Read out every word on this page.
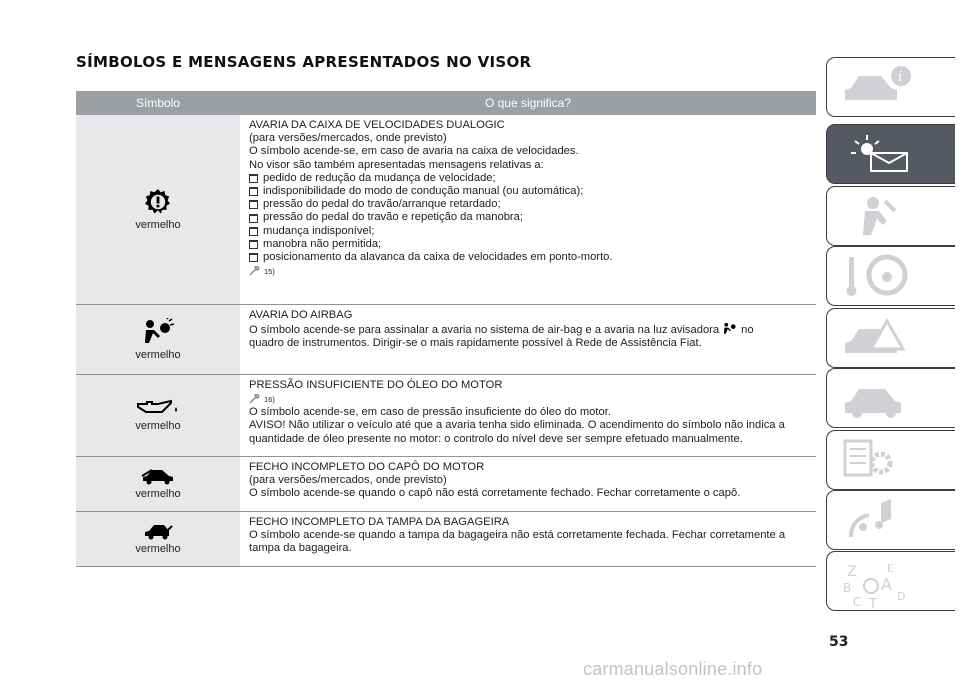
SÍMBOLOS E MENSAGENS APRESENTADOS NO VISOR
Símbolo	O que significa?
vermelho
AVARIA DA CAIXA DE VELOCIDADES DUALOGIC
(para versões/mercados, onde previsto)
O símbolo acende-se, em caso de avaria na caixa de velocidades.
No visor são também apresentadas mensagens relativas a:
pedido de redução da mudança de velocidade;
indisponibilidade do modo de condução manual (ou automática);
pressão do pedal do travão/arranque retardado;
pressão do pedal do travão e repetição da manobra;
mudança indisponível;
manobra não permitida;
posicionamento da alavanca da caixa de velocidades em ponto-morto.
15)
vermelho
AVARIA DO AIRBAG
O símbolo acende-se para assinalar a avaria no sistema de air-bag e a avaria na luz avisadora no
quadro de instrumentos. Dirigir-se o mais rapidamente possível à Rede de Assistência Fiat.
vermelho
PRESSÃO INSUFICIENTE DO ÓLEO DO MOTOR
16)
O símbolo acende-se, em caso de pressão insuficiente do óleo do motor.
AVISO! Não utilizar o veículo até que a avaria tenha sido eliminada. O acendimento do símbolo não indica a
quantidade de óleo presente no motor: o controlo do nível deve ser sempre efetuado manualmente.
vermelho
FECHO INCOMPLETO DO CAPÔ DO MOTOR
(para versões/mercados, onde previsto)
O símbolo acende-se quando o capô não está corretamente fechado. Fechar corretamente o capô.
vermelho
FECHO INCOMPLETO DA TAMPA DA BAGAGEIRA
O símbolo acende-se quando a tampa da bagageira não está corretamente fechada. Fechar corretamente a
tampa da bagageira.
i
Z	E
B A
C T
D
53
carmanualsonline.info
